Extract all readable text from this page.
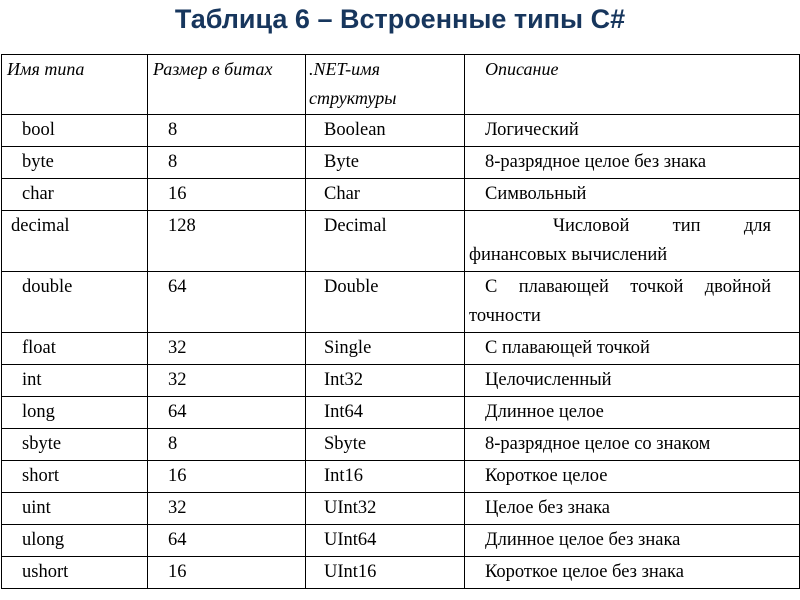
Таблица 6 – Встроенные типы C#
Имя типа	Размер в битах	.NET-имя структуры	Описание
bool	8	Boolean	Логический
byte	8	Byte	8-разрядное целое без знака
char	16	Char	Символьный
decimal	128	Decimal	Числовой тип для финансовых вычислений
double	64	Double	С плавающей точкой двойной точности
float	32	Single	С плавающей точкой
int	32	Int32	Целочисленный
long	64	Int64	Длинное целое
sbyte	8	Sbyte	8-разрядное целое со знаком
short	16	Int16	Короткое целое
uint	32	UInt32	Целое без знака
ulong	64	UInt64	Длинное целое без знака
ushort	16	UInt16	Короткое целое без знака
